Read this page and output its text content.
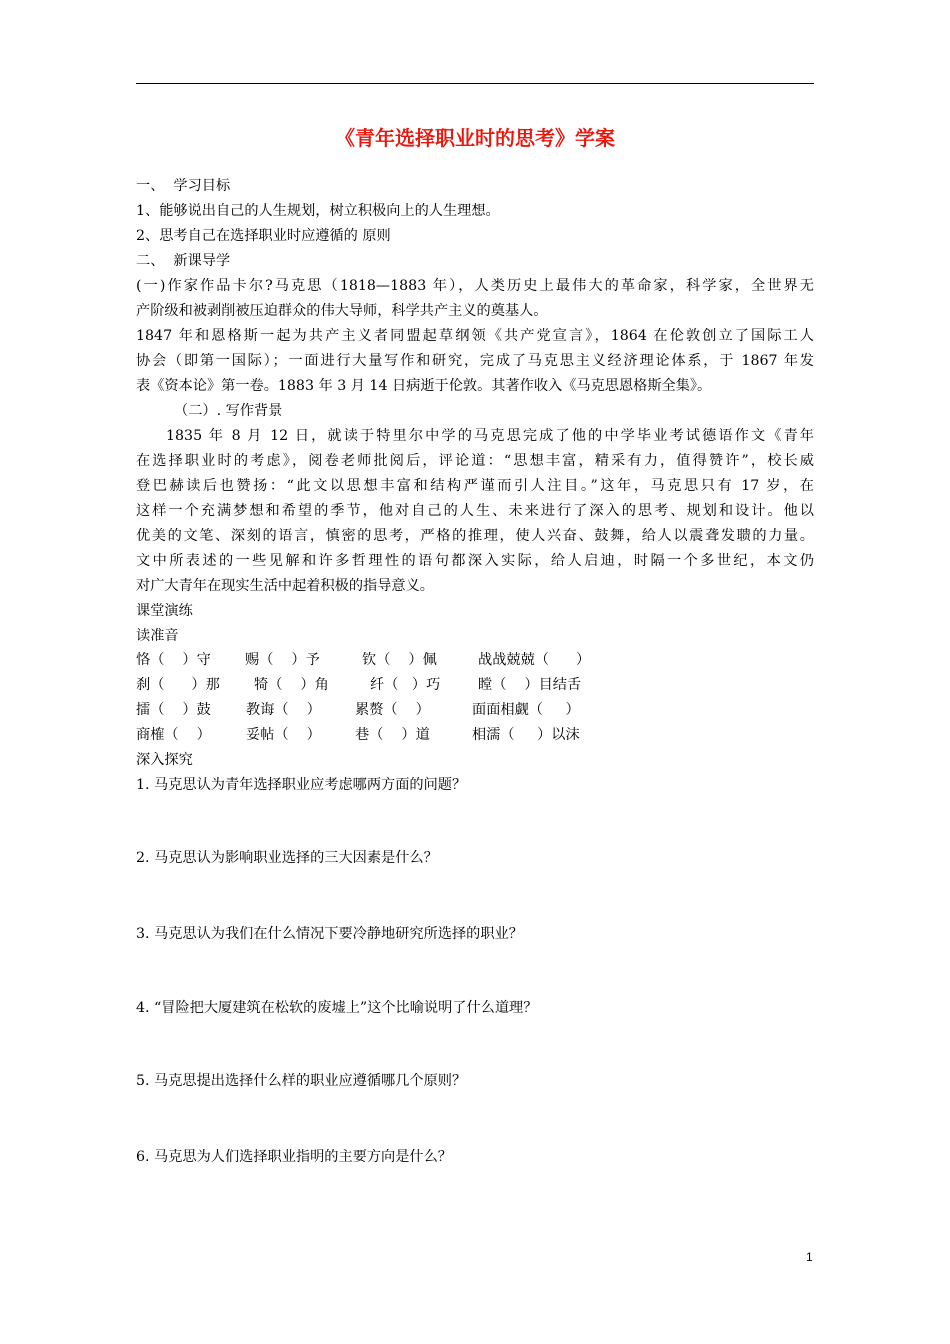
《青年选择职业时的思考》学案
一、  学习目标
1、能够说出自己的人生规划，树立积极向上的人生理想。
2、思考自己在选择职业时应遵循的 原则
二、  新课导学
(一)作家作品卡尔?马克思（1818—1883 年），人类历史上最伟大的革命家，科学家，全世界无
产阶级和被剥削被压迫群众的伟大导师，科学共产主义的奠基人。
1847 年和恩格斯一起为共产主义者同盟起草纲领《共产党宣言》，1864 在伦敦创立了国际工人
协会（即第一国际）；一面进行大量写作和研究，完成了马克思主义经济理论体系，于 1867 年发
表《资本论》第一卷。1883 年 3 月 14 日病逝于伦敦。其著作收入《马克思恩格斯全集》。
（二）. 写作背景
1835 年 8 月 12 日，就读于特里尔中学的马克思完成了他的中学毕业考试德语作文《青年
在选择职业时的考虑》，阅卷老师批阅后，评论道：“思想丰富，精采有力，值得赞许”，校长威
登巴赫读后也赞扬：“此文以思想丰富和结构严谨而引人注目。”这年，马克思只有 17 岁，在
这样一个充满梦想和希望的季节，他对自己的人生、未来进行了深入的思考、规划和设计。他以
优美的文笔、深刻的语言，慎密的思考，严格的推理，使人兴奋、鼓舞，给人以震聋发聩的力量。
文中所表述的一些见解和许多哲理性的语句都深入实际，给人启迪，时隔一个多世纪，本文仍
对广大青年在现实生活中起着积极的指导意义。
课堂演练
读准音
恪（    ）守 赐（    ）予	钦（    ）佩	战战兢兢（      ）
刹（      ）那 犄（    ）角	纤（   ）巧	瞠（    ）目结舌
擂（    ）鼓 教诲（    ） 累赘（    ）	面面相觑（     ）
商榷（    ） 妥帖（    ） 巷（    ）道	相濡（     ）以沫
深入探究
1. 马克思认为青年选择职业应考虑哪两方面的问题？
2. 马克思认为影响职业选择的三大因素是什么？
3. 马克思认为我们在什么情况下要冷静地研究所选择的职业？
4. “冒险把大厦建筑在松软的废墟上”这个比喻说明了什么道理？
5. 马克思提出选择什么样的职业应遵循哪几个原则？
6. 马克思为人们选择职业指明的主要方向是什么？
1
